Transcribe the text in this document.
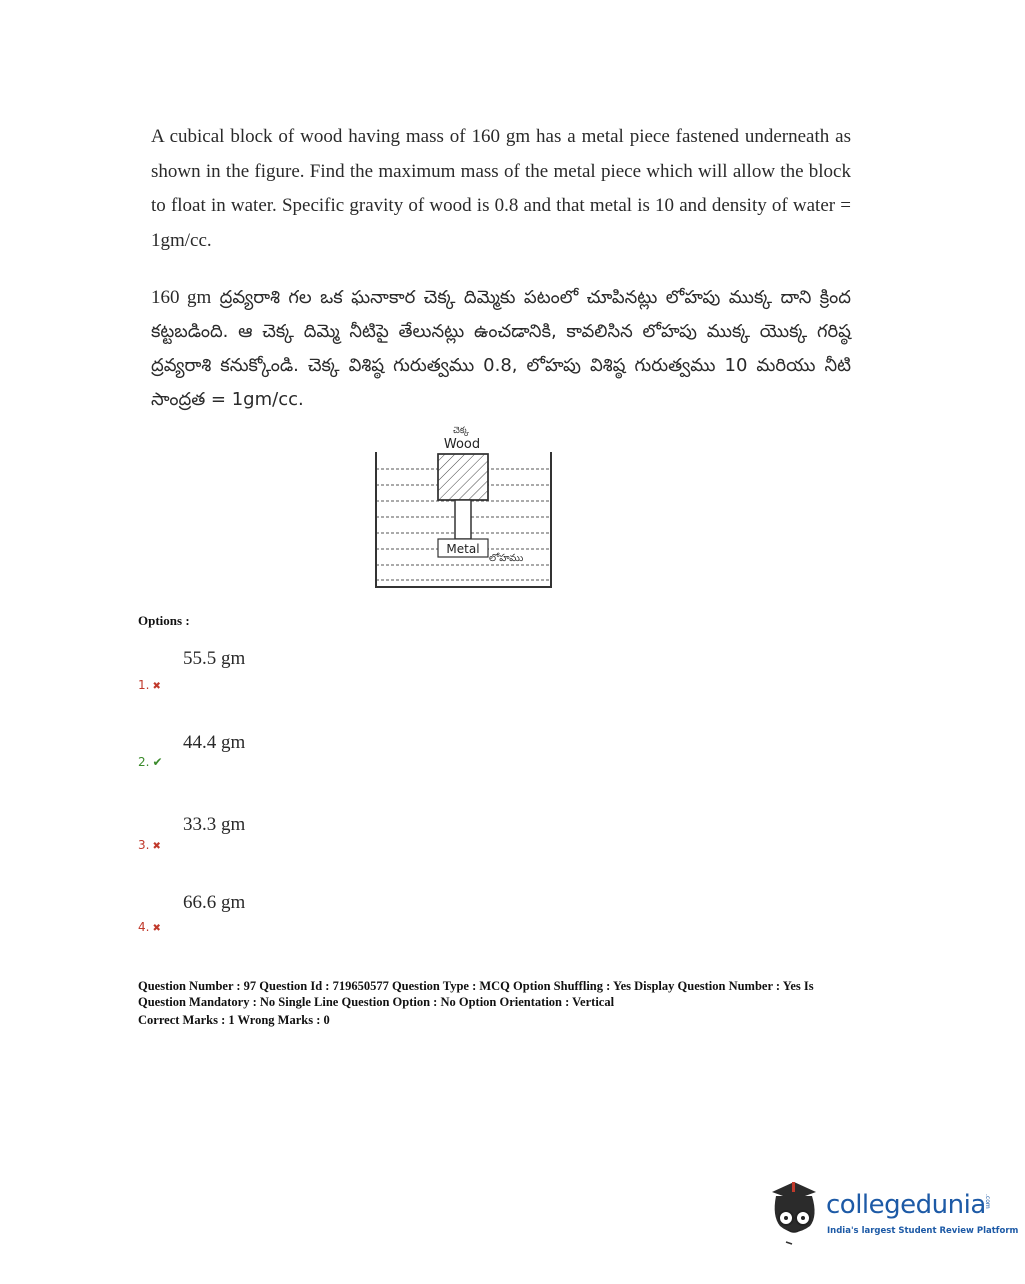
A cubical block of wood having mass of 160 gm has a metal piece fastened underneath as shown in the figure. Find the maximum mass of the metal piece which will allow the block to float in water. Specific gravity of wood is 0.8 and that metal is 10 and density of water = 1gm/cc.
160 gm ద్రవ్యరాశి గల ఒక ఘనాకార చెక్క దిమ్మెకు పటంలో చూపినట్లు లోహపు ముక్క దాని క్రింద కట్టబడింది. ఆ చెక్క దిమ్మె నీటిపై తేలునట్లు ఉంచడానికి, కావలిసిన లోహపు ముక్క యొక్క గరిష్ఠ ద్రవ్యరాశి కనుక్కోండి. చెక్క విశిష్ఠ గురుత్వము 0.8, లోహపు విశిష్ఠ గురుత్వము 10 మరియు నీటి సాంద్రత = 1gm/cc.
Metal
లోహము
చెక్క
Wood
Options :
55.5 gm
1. ✖
44.4 gm
2. ✔
33.3 gm
3. ✖
66.6 gm
4. ✖
Question Number : 97 Question Id : 719650577 Question Type : MCQ Option Shuffling : Yes Display Question Number : Yes Is
Question Mandatory : No Single Line Question Option : No Option Orientation : Vertical
Correct Marks : 1 Wrong Marks : 0
collegedunia
.com
India's largest Student Review Platform
